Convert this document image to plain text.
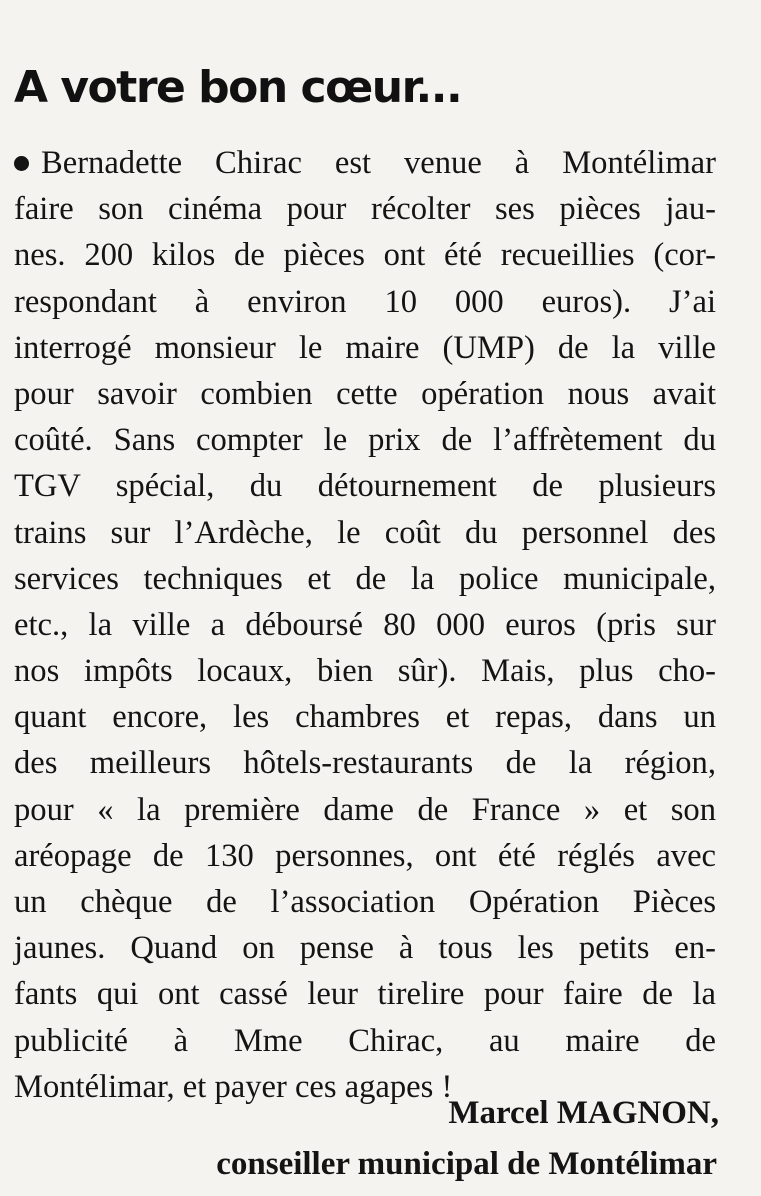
A votre bon cœur...
Bernadette Chirac est venue à Montélimar
faire son cinéma pour récolter ses pièces jau-
nes. 200 kilos de pièces ont été recueillies (cor-
respondant à environ 10 000 euros). J’ai
interrogé monsieur le maire (UMP) de la ville
pour savoir combien cette opération nous avait
coûté. Sans compter le prix de l’affrètement du
TGV spécial, du détournement de plusieurs
trains sur l’Ardèche, le coût du personnel des
services techniques et de la police municipale,
etc., la ville a déboursé 80 000 euros (pris sur
nos impôts locaux, bien sûr). Mais, plus cho-
quant encore, les chambres et repas, dans un
des meilleurs hôtels-restaurants de la région,
pour « la première dame de France » et son
aréopage de 130 personnes, ont été réglés avec
un chèque de l’association Opération Pièces
jaunes. Quand on pense à tous les petits en-
fants qui ont cassé leur tirelire pour faire de la
publicité à Mme Chirac, au maire de
Montélimar, et payer ces agapes !
Marcel MAGNON,
conseiller municipal de Montélimar
